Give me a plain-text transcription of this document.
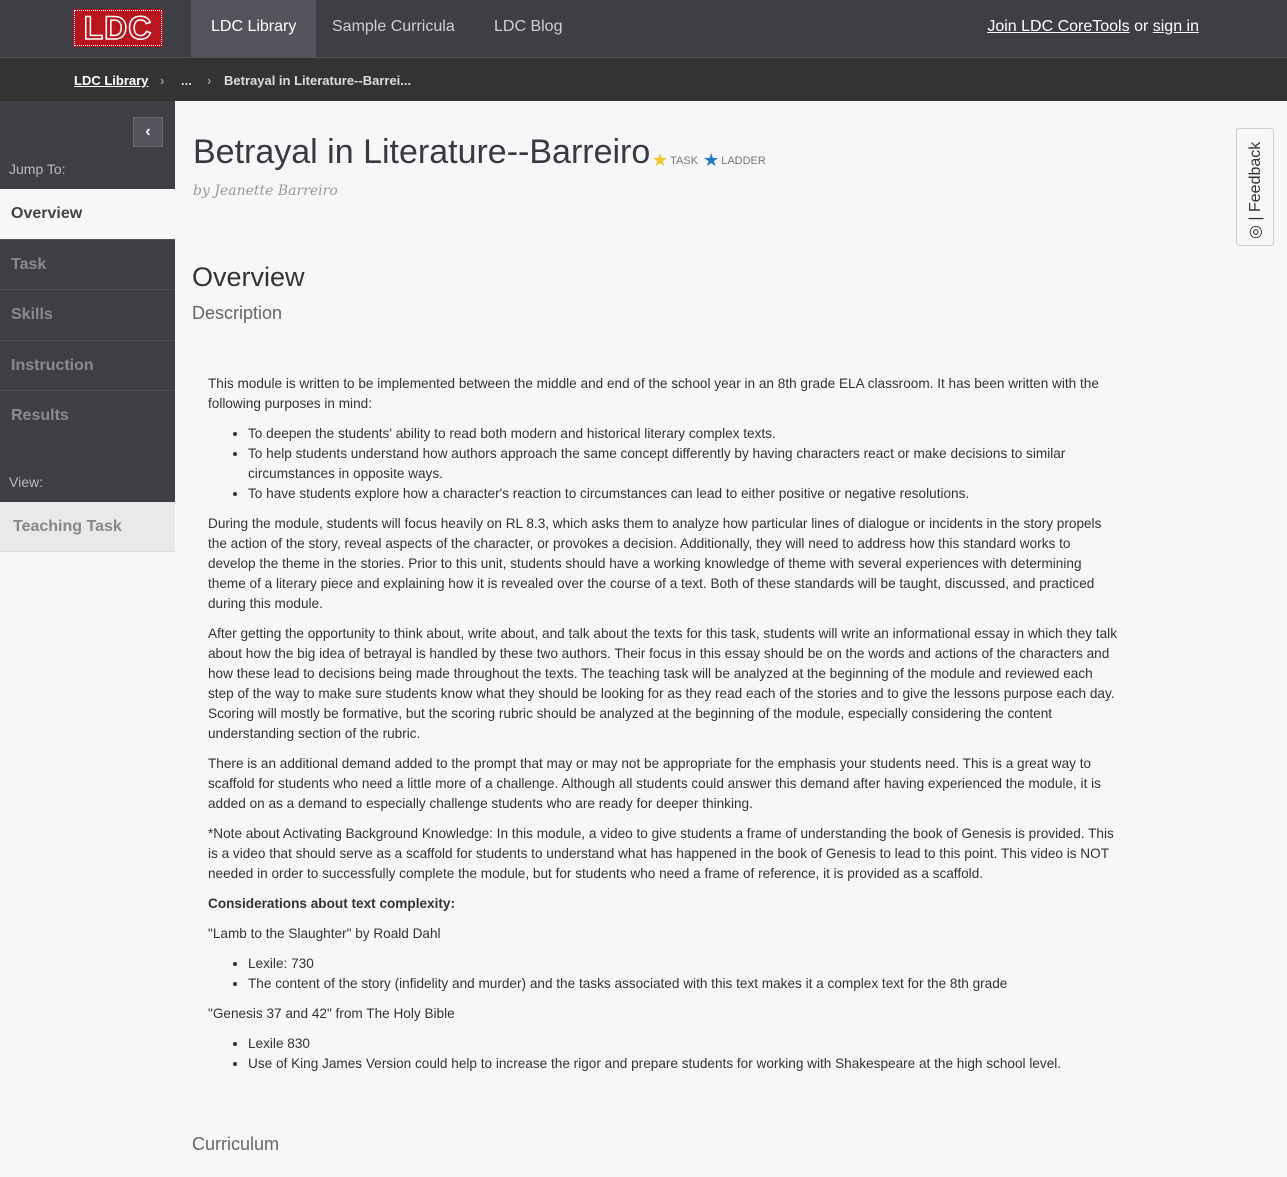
LDC	LDC Library	Sample Curricula	LDC Blog	Join LDC CoreTools or sign in
LDC Library › ... › Betrayal in Literature--Barrei...
‹
Jump To:
Overview
Task
Skills
Instruction
Results
View:
Teaching Task
Betrayal in Literature--Barreiro ★ TASK ★ LADDER
by Jeanette Barreiro
Overview
Description

This module is written to be implemented between the middle and end of the school year in an 8th grade ELA classroom. It has been written with the following purposes in mind:

• To deepen the students' ability to read both modern and historical literary complex texts.
• To help students understand how authors approach the same concept differently by having characters react or make decisions to similar circumstances in opposite ways.
• To have students explore how a character's reaction to circumstances can lead to either positive or negative resolutions.

During the module, students will focus heavily on RL 8.3, which asks them to analyze how particular lines of dialogue or incidents in the story propels the action of the story, reveal aspects of the character, or provokes a decision. Additionally, they will need to address how this standard works to develop the theme in the stories. Prior to this unit, students should have a working knowledge of theme with several experiences with determining theme of a literary piece and explaining how it is revealed over the course of a text. Both of these standards will be taught, discussed, and practiced during this module.

After getting the opportunity to think about, write about, and talk about the texts for this task, students will write an informational essay in which they talk about how the big idea of betrayal is handled by these two authors. Their focus in this essay should be on the words and actions of the characters and how these lead to decisions being made throughout the texts. The teaching task will be analyzed at the beginning of the module and reviewed each step of the way to make sure students know what they should be looking for as they read each of the stories and to give the lessons purpose each day. Scoring will mostly be formative, but the scoring rubric should be analyzed at the beginning of the module, especially considering the content understanding section of the rubric.

There is an additional demand added to the prompt that may or may not be appropriate for the emphasis your students need. This is a great way to scaffold for students who need a little more of a challenge. Although all students could answer this demand after having experienced the module, it is added on as a demand to especially challenge students who are ready for deeper thinking.

*Note about Activating Background Knowledge: In this module, a video to give students a frame of understanding the book of Genesis is provided. This is a video that should serve as a scaffold for students to understand what has happened in the book of Genesis to lead to this point. This video is NOT needed in order to successfully complete the module, but for students who need a frame of reference, it is provided as a scaffold.

Considerations about text complexity:

"Lamb to the Slaughter" by Roald Dahl

• Lexile: 730
• The content of the story (infidelity and murder) and the tasks associated with this text makes it a complex text for the 8th grade

"Genesis 37 and 42" from The Holy Bible

• Lexile 830
• Use of King James Version could help to increase the rigor and prepare students for working with Shakespeare at the high school level.
Curriculum
◎ | Feedback
